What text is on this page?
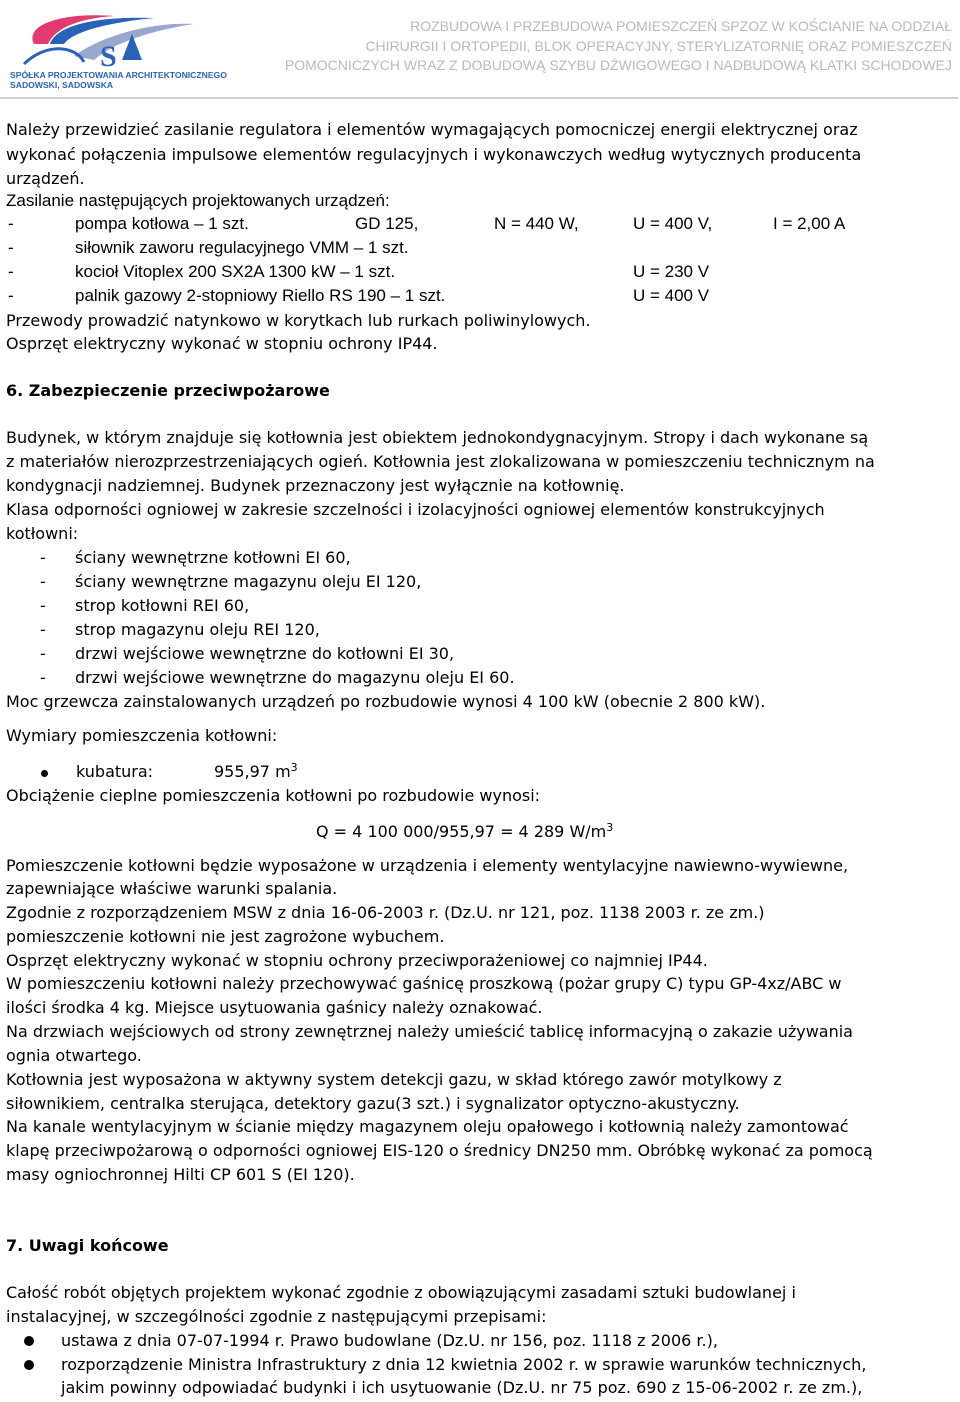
S
SPÓŁKA PROJEKTOWANIA ARCHITEKTONICZNEGO
SADOWSKI, SADOWSKA
ROZBUDOWA I PRZEBUDOWA POMIESZCZEŃ SPZOZ W KOŚCIANIE NA ODDZIAŁ
CHIRURGII I ORTOPEDII, BLOK OPERACYJNY, STERYLIZATORNIĘ ORAZ POMIESZCZEŃ
POMOCNICZYCH WRAZ Z DOBUDOWĄ SZYBU DŹWIGOWEGO I NADBUDOWĄ KLATKI SCHODOWEJ
Należy przewidzieć zasilanie regulatora i elementów wymagających pomocniczej energii elektrycznej oraz
wykonać połączenia impulsowe elementów regulacyjnych i wykonawczych według wytycznych producenta
urządzeń.
Zasilanie następujących projektowanych urządzeń:
-	pompa kotłowa – 1 szt.	GD 125,	N = 440 W,	U = 400 V,	I = 2,00 A
-	siłownik zaworu regulacyjnego VMM – 1 szt.
-	kocioł Vitoplex 200 SX2A 1300 kW – 1 szt.	U = 230 V
-	palnik gazowy 2-stopniowy Riello RS 190 – 1 szt.	U = 400 V
Przewody prowadzić natynkowo w korytkach lub rurkach poliwinylowych.
Osprzęt elektryczny wykonać w stopniu ochrony IP44.
6. Zabezpieczenie przeciwpożarowe
Budynek, w którym znajduje się kotłownia jest obiektem jednokondygnacyjnym. Stropy i dach wykonane są
z materiałów nierozprzestrzeniających ogień. Kotłownia jest zlokalizowana w pomieszczeniu technicznym na
kondygnacji nadziemnej. Budynek przeznaczony jest wyłącznie na kotłownię.
Klasa odporności ogniowej w zakresie szczelności i izolacyjności ogniowej elementów konstrukcyjnych
kotłowni:
- ściany wewnętrzne kotłowni EI 60,
- ściany wewnętrzne magazynu oleju EI 120,
- strop kotłowni REI 60,
- strop magazynu oleju REI 120,
- drzwi wejściowe wewnętrzne do kotłowni EI 30,
- drzwi wejściowe wewnętrzne do magazynu oleju EI 60.
Moc grzewcza zainstalowanych urządzeń po rozbudowie wynosi 4 100 kW (obecnie 2 800 kW).
Wymiary pomieszczenia kotłowni:
kubatura:	955,97 $m^3$
Obciążenie cieplne pomieszczenia kotłowni po rozbudowie wynosi:
Q = 4 100 000/955,97 = 4 289 $W/m^3$
Pomieszczenie kotłowni będzie wyposażone w urządzenia i elementy wentylacyjne nawiewno-wywiewne,
zapewniające właściwe warunki spalania.
Zgodnie z rozporządzeniem MSW z dnia 16-06-2003 r. (Dz.U. nr 121, poz. 1138 2003 r. ze zm.)
pomieszczenie kotłowni nie jest zagrożone wybuchem.
Osprzęt elektryczny wykonać w stopniu ochrony przeciwporażeniowej co najmniej IP44.
W pomieszczeniu kotłowni należy przechowywać gaśnicę proszkową (pożar grupy C) typu GP-4xz/ABC w
ilości środka 4 kg. Miejsce usytuowania gaśnicy należy oznakować.
Na drzwiach wejściowych od strony zewnętrznej należy umieścić tablicę informacyjną o zakazie używania
ognia otwartego.
Kotłownia jest wyposażona w aktywny system detekcji gazu, w skład którego zawór motylkowy z
siłownikiem, centralka sterująca, detektory gazu(3 szt.) i sygnalizator optyczno-akustyczny.
Na kanale wentylacyjnym w ścianie między magazynem oleju opałowego i kotłownią należy zamontować
klapę przeciwpożarową o odporności ogniowej EIS-120 o średnicy DN250 mm. Obróbkę wykonać za pomocą
masy ogniochronnej Hilti CP 601 S (EI 120).
7. Uwagi końcowe
Całość robót objętych projektem wykonać zgodnie z obowiązującymi zasadami sztuki budowlanej i
instalacyjnej, w szczególności zgodnie z następującymi przepisami:
ustawa z dnia 07-07-1994 r. Prawo budowlane (Dz.U. nr 156, poz. 1118 z 2006 r.),
rozporządzenie Ministra Infrastruktury z dnia 12 kwietnia 2002 r. w sprawie warunków technicznych,
jakim powinny odpowiadać budynki i ich usytuowanie (Dz.U. nr 75 poz. 690 z 15-06-2002 r. ze zm.),
